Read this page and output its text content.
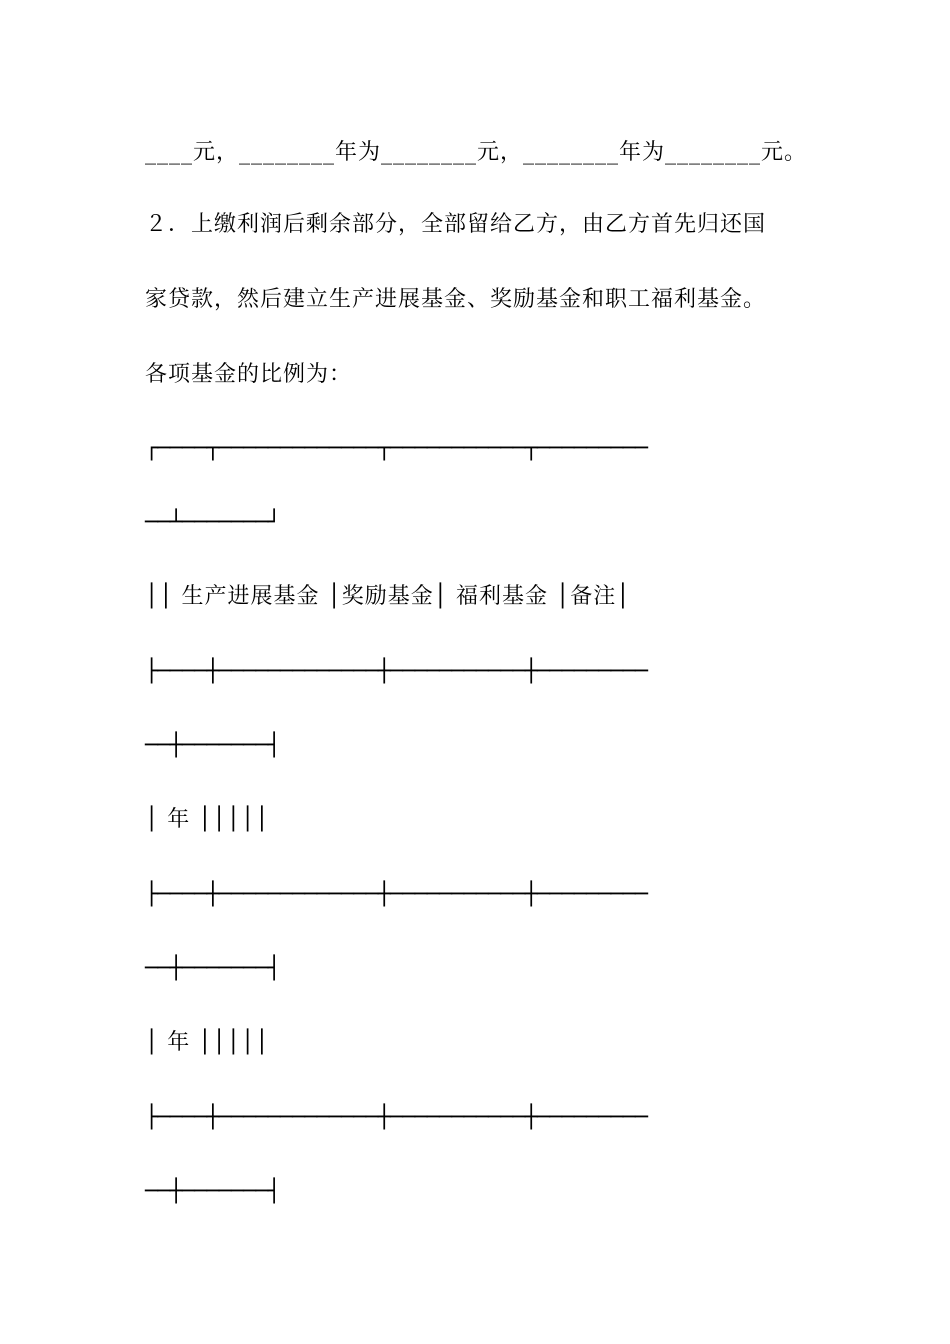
____元，________年为________元，________年为________元。
２．上缴利润后剩余部分，全部留给乙方，由乙方首先归还国
家贷款，然后建立生产进展基金、奖励基金和职工福利基金。
各项基金的比例为：
┌────┬─────────────┬───────────┬─────────
──┴───────┘
││ 生产进展基金 │奖励基金│ 福利基金 │备注│
├────┼─────────────┼───────────┼─────────
──┼───────┤
│ 年 │││││
├────┼─────────────┼───────────┼─────────
──┼───────┤
│ 年 │││││
├────┼─────────────┼───────────┼─────────
──┼───────┤
